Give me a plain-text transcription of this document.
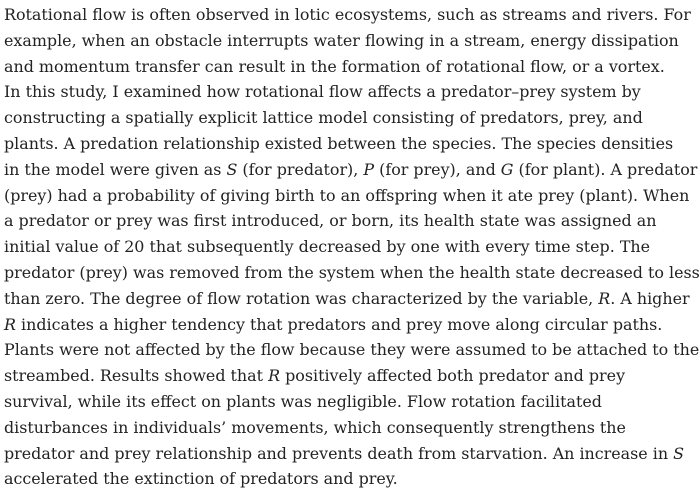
Rotational flow is often observed in lotic ecosystems, such as streams and rivers. For
example, when an obstacle interrupts water flowing in a stream, energy dissipation
and momentum transfer can result in the formation of rotational flow, or a vortex.
In this study, I examined how rotational flow affects a predator–prey system by
constructing a spatially explicit lattice model consisting of predators, prey, and
plants. A predation relationship existed between the species. The species densities
in the model were given as S (for predator), P (for prey), and G (for plant). A predator
(prey) had a probability of giving birth to an offspring when it ate prey (plant). When
a predator or prey was first introduced, or born, its health state was assigned an
initial value of 20 that subsequently decreased by one with every time step. The
predator (prey) was removed from the system when the health state decreased to less
than zero. The degree of flow rotation was characterized by the variable, R. A higher
R indicates a higher tendency that predators and prey move along circular paths.
Plants were not affected by the flow because they were assumed to be attached to the
streambed. Results showed that R positively affected both predator and prey
survival, while its effect on plants was negligible. Flow rotation facilitated
disturbances in individuals’ movements, which consequently strengthens the
predator and prey relationship and prevents death from starvation. An increase in S
accelerated the extinction of predators and prey.
